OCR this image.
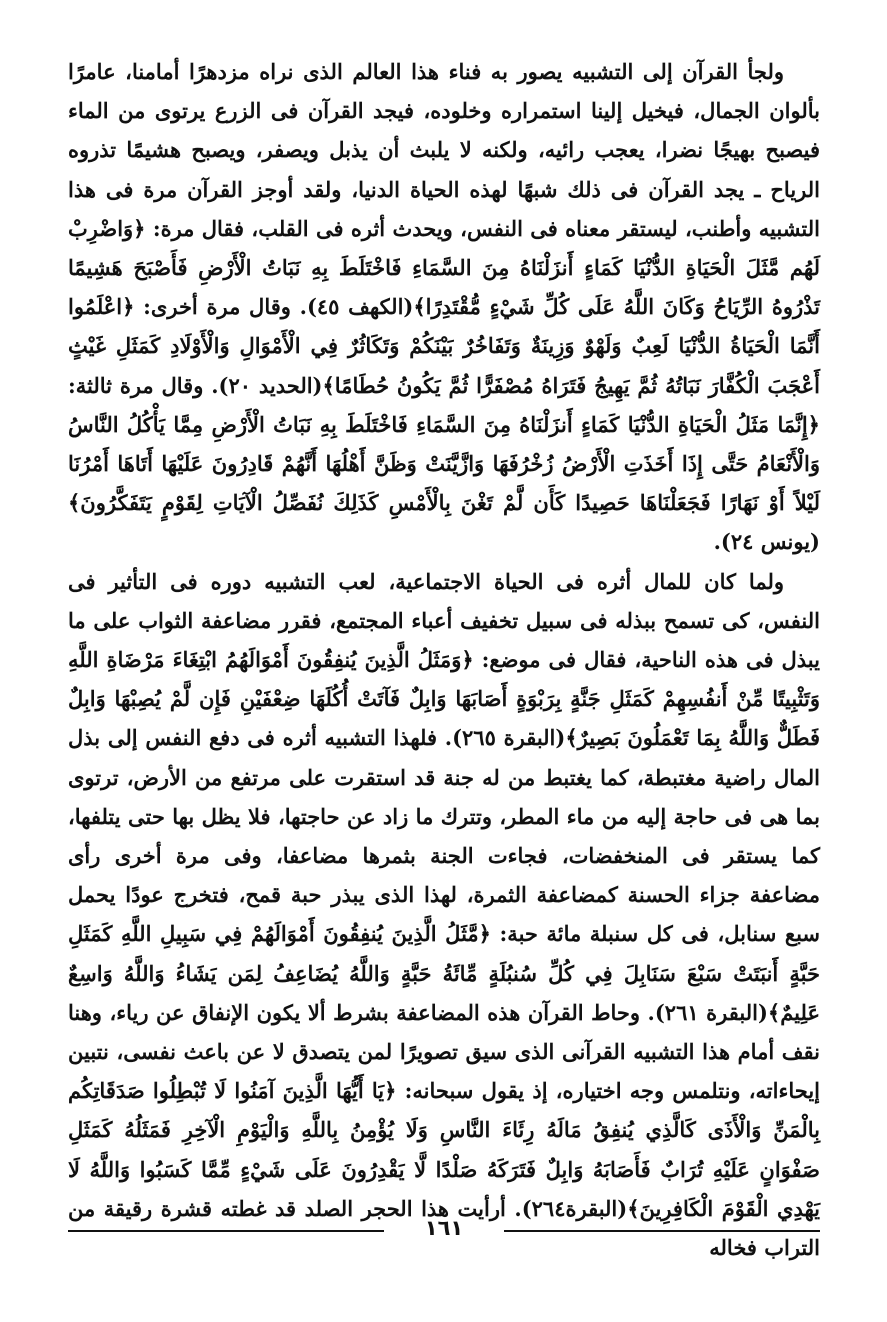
ولجأ القرآن إلى التشبيه يصور به فناء هذا العالم الذى نراه مزدهرًا أمامنا، عامرًا بألوان الجمال، فيخيل إلينا استمراره وخلوده، فيجد القرآن فى الزرع يرتوى من الماء فيصبح بهيجًا نضرا، يعجب رائيه، ولكنه لا يلبث أن يذبل ويصفر، ويصبح هشيمًا تذروه الرياح ـ يجد القرآن فى ذلك شبهًا لهذه الحياة الدنيا، ولقد أوجز القرآن مرة فى هذا التشبيه وأطنب، ليستقر معناه فى النفس، ويحدث أثره فى القلب، فقال مرة: ﴿وَاضْرِبْ لَهُم مَّثَلَ الْحَيَاةِ الدُّنْيَا كَمَاءٍ أَنزَلْنَاهُ مِنَ السَّمَاءِ فَاخْتَلَطَ بِهِ نَبَاتُ الْأَرْضِ فَأَصْبَحَ هَشِيمًا تَذْرُوهُ الرِّيَاحُ وَكَانَ اللَّهُ عَلَى كُلِّ شَيْءٍ مُّقْتَدِرًا﴾(الكهف ٤٥). وقال مرة أخرى: ﴿اعْلَمُوا أَنَّمَا الْحَيَاةُ الدُّنْيَا لَعِبٌ وَلَهْوٌ وَزِينَةٌ وَتَفَاخُرٌ بَيْنَكُمْ وَتَكَاثُرٌ فِي الْأَمْوَالِ وَالْأَوْلَادِ كَمَثَلِ غَيْثٍ أَعْجَبَ الْكُفَّارَ نَبَاتُهُ ثُمَّ يَهِيجُ فَتَرَاهُ مُصْفَرًّا ثُمَّ يَكُونُ حُطَامًا﴾(الحديد ٢٠). وقال مرة ثالثة: ﴿إِنَّمَا مَثَلُ الْحَيَاةِ الدُّنْيَا كَمَاءٍ أَنزَلْنَاهُ مِنَ السَّمَاءِ فَاخْتَلَطَ بِهِ نَبَاتُ الْأَرْضِ مِمَّا يَأْكُلُ النَّاسُ وَالْأَنْعَامُ حَتَّى إِذَا أَخَذَتِ الْأَرْضُ زُخْرُفَهَا وَازَّيَّنَتْ وَظَنَّ أَهْلُهَا أَنَّهُمْ قَادِرُونَ عَلَيْهَا أَتَاهَا أَمْرُنَا لَيْلاً أَوْ نَهَارًا فَجَعَلْنَاهَا حَصِيدًا كَأَن لَّمْ تَغْنَ بِالْأَمْسِ كَذَلِكَ نُفَصِّلُ الْآيَاتِ لِقَوْمٍ يَتَفَكَّرُونَ﴾ (يونس ٢٤).

ولما كان للمال أثره فى الحياة الاجتماعية، لعب التشبيه دوره فى التأثير فى النفس، كى تسمح ببذله فى سبيل تخفيف أعباء المجتمع، فقرر مضاعفة الثواب على ما يبذل فى هذه الناحية، فقال فى موضع: ﴿وَمَثَلُ الَّذِينَ يُنفِقُونَ أَمْوَالَهُمُ ابْتِغَاءَ مَرْضَاةِ اللَّهِ وَتَثْبِيتًا مِّنْ أَنفُسِهِمْ كَمَثَلِ جَنَّةٍ بِرَبْوَةٍ أَصَابَهَا وَابِلٌ فَآتَتْ أُكُلَهَا ضِعْفَيْنِ فَإِن لَّمْ يُصِبْهَا وَابِلٌ فَطَلٌّ وَاللَّهُ بِمَا تَعْمَلُونَ بَصِيرٌ﴾(البقرة ٢٦٥). فلهذا التشبيه أثره فى دفع النفس إلى بذل المال راضية مغتبطة، كما يغتبط من له جنة قد استقرت على مرتفع من الأرض، ترتوى بما هى فى حاجة إليه من ماء المطر، وتترك ما زاد عن حاجتها، فلا يظل بها حتى يتلفها، كما يستقر فى المنخفضات، فجاءت الجنة بثمرها مضاعفا، وفى مرة أخرى رأى مضاعفة جزاء الحسنة كمضاعفة الثمرة، لهذا الذى يبذر حبة قمح، فتخرج عودًا يحمل سبع سنابل، فى كل سنبلة مائة حبة: ﴿مَّثَلُ الَّذِينَ يُنفِقُونَ أَمْوَالَهُمْ فِي سَبِيلِ اللَّهِ كَمَثَلِ حَبَّةٍ أَنبَتَتْ سَبْعَ سَنَابِلَ فِي كُلِّ سُنبُلَةٍ مِّائَةُ حَبَّةٍ وَاللَّهُ يُضَاعِفُ لِمَن يَشَاءُ وَاللَّهُ وَاسِعٌ عَلِيمٌ﴾(البقرة ٢٦١). وحاط القرآن هذه المضاعفة بشرط ألا يكون الإنفاق عن رياء، وهنا نقف أمام هذا التشبيه القرآنى الذى سيق تصويرًا لمن يتصدق لا عن باعث نفسى، نتبين إيحاءاته، ونتلمس وجه اختياره، إذ يقول سبحانه: ﴿يَا أَيُّهَا الَّذِينَ آمَنُوا لَا تُبْطِلُوا صَدَقَاتِكُم بِالْمَنِّ وَالْأَذَى كَالَّذِي يُنفِقُ مَالَهُ رِئَاءَ النَّاسِ وَلَا يُؤْمِنُ بِاللَّهِ وَالْيَوْمِ الْآخِرِ فَمَثَلُهُ كَمَثَلِ صَفْوَانٍ عَلَيْهِ تُرَابٌ فَأَصَابَهُ وَابِلٌ فَتَرَكَهُ صَلْدًا لَّا يَقْدِرُونَ عَلَى شَيْءٍ مِّمَّا كَسَبُوا وَاللَّهُ لَا يَهْدِي الْقَوْمَ الْكَافِرِينَ﴾(البقرة٢٦٤). أرأيت هذا الحجر الصلد قد غطته قشرة رقيقة من التراب فخاله

١٦١
